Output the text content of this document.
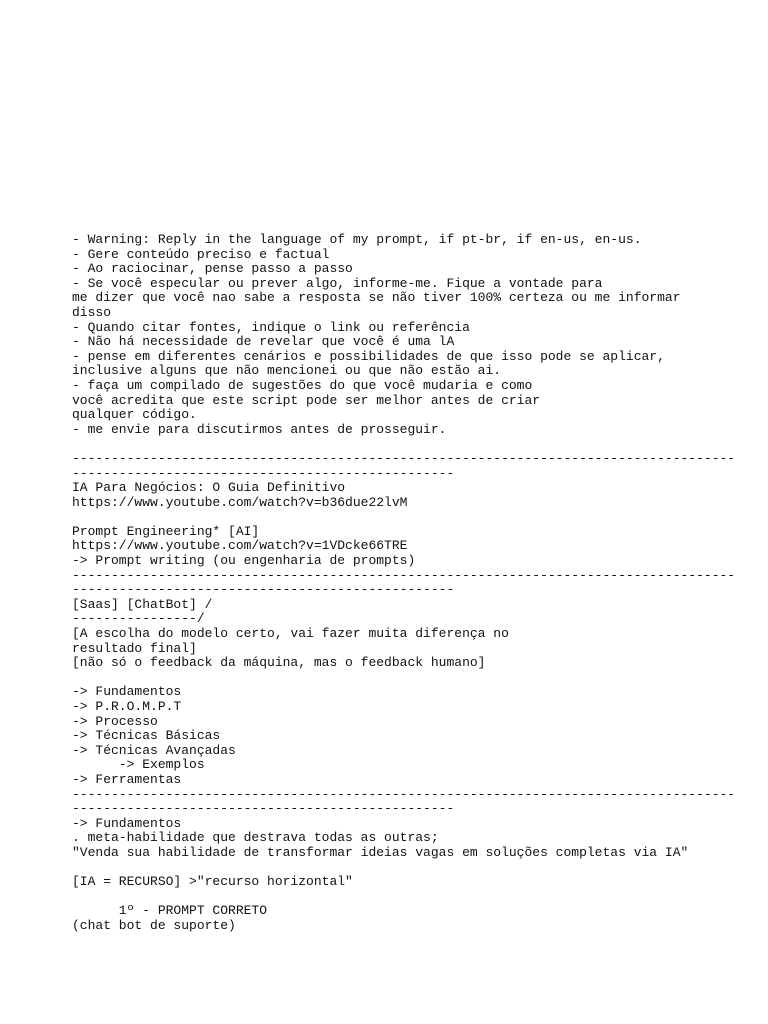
- Warning: Reply in the language of my prompt, if pt-br, if en-us, en-us.
- Gere conteúdo preciso e factual
- Ao raciocinar, pense passo a passo
- Se você especular ou prever algo, informe-me. Fique a vontade para
me dizer que você nao sabe a resposta se não tiver 100% certeza ou me informar
disso
- Quando citar fontes, indique o link ou referência
- Não há necessidade de revelar que você é uma lA
- pense em diferentes cenários e possibilidades de que isso pode se aplicar,
inclusive alguns que não mencionei ou que não estão ai.
- faça um compilado de sugestões do que você mudaria e como
você acredita que este script pode ser melhor antes de criar
qualquer código.
- me envie para discutirmos antes de prosseguir.
-------------------------------------------------------------------------------------
-------------------------------------------------
IA Para Negócios: O Guia Definitivo
https://www.youtube.com/watch?v=b36due22lvM
Prompt Engineering* [AI]
https://www.youtube.com/watch?v=1VDcke66TRE
-> Prompt writing (ou engenharia de prompts)
-------------------------------------------------------------------------------------
-------------------------------------------------
[Saas] [ChatBot] /
----------------/
[A escolha do modelo certo, vai fazer muita diferença no
resultado final]
[não só o feedback da máquina, mas o feedback humano]
-> Fundamentos
-> P.R.O.M.P.T
-> Processo
-> Técnicas Básicas
-> Técnicas Avançadas
-> Exemplos
-> Ferramentas
-------------------------------------------------------------------------------------
-------------------------------------------------
-> Fundamentos
. meta-habilidade que destrava todas as outras;
"Venda sua habilidade de transformar ideias vagas em soluções completas via IA"
[IA = RECURSO] >"recurso horizontal"
1º - PROMPT CORRETO
(chat bot de suporte)
